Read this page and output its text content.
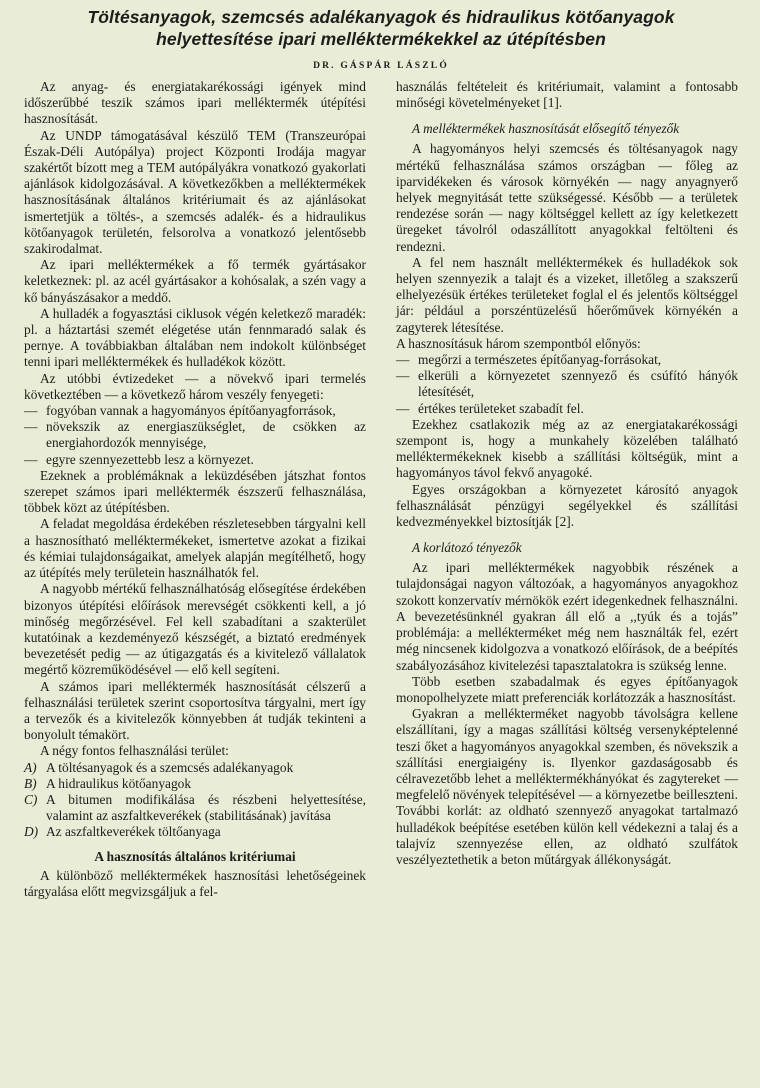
Töltésanyagok, szemcsés adalékanyagok és hidraulikus kötőanyagok
helyettesítése ipari melléktermékekkel az útépítésben
DR. GÁSPÁR LÁSZLÓ

Az anyag- és energiatakarékossági igények mind időszerűbbé teszik számos ipari melléktermék útépítési hasznosítását.

Az UNDP támogatásával készülő TEM (Transzeurópai Észak-Déli Autópálya) project Központi Irodája magyar szakértőt bízott meg a TEM autópályákra vonatkozó gyakorlati ajánlások kidolgozásával. A következőkben a melléktermékek hasznosításának általános kritériumait és az ajánlásokat ismertetjük a töltés-, a szemcsés adalék- és a hidraulikus kötőanyagok területén, felsorolva a vonatkozó jelentősebb szakirodalmat.

Az ipari melléktermékek a fő termék gyártásakor keletkeznek: pl. az acél gyártásakor a kohósalak, a szén vagy a kő bányászásakor a meddő.

A hulladék a fogyasztási ciklusok végén keletkező maradék: pl. a háztartási szemét elégetése után fennmaradó salak és pernye. A továbbiakban általában nem indokolt különbséget tenni ipari melléktermékek és hulladékok között.

Az utóbbi évtizedeket — a növekvő ipari termelés következtében — a következő három veszély fenyegeti:

— fogyóban vannak a hagyományos építőanyagforrások,

— növekszik az energiaszükséglet, de csökken az energiahordozók mennyisége,

— egyre szennyezettebb lesz a környezet.

Ezeknek a problémáknak a leküzdésében játszhat fontos szerepet számos ipari melléktermék észszerű felhasználása, többek közt az útépítésben.

A feladat megoldása érdekében részletesebben tárgyalni kell a hasznosítható melléktermékeket, ismertetve azokat a fizikai és kémiai tulajdonságaikat, amelyek alapján megítélhető, hogy az útépítés mely területein használhatók fel.

A nagyobb mértékű felhasználhatóság elősegítése érdekében bizonyos útépítési előírások merevségét csökkenti kell, a jó minőség megőrzésével. Fel kell szabadítani a szakterület kutatóinak a kezdeményező készségét, a biztató eredmények bevezetését pedig — az útigazgatás és a kivitelező vállalatok megértő közreműködésével — elő kell segíteni.

A számos ipari melléktermék hasznosítását célszerű a felhasználási területek szerint csoportosítva tárgyalni, mert így a tervezők és a kivitelezők könnyebben át tudják tekinteni a bonyolult témakört.

A négy fontos felhasználási terület:

A) A töltésanyagok és a szemcsés adalékanyagok

B) A hidraulikus kötőanyagok

C) A bitumen modifikálása és részbeni helyettesítése, valamint az aszfaltkeverékek (stabilitásának) javítása

D) Az aszfaltkeverékek töltőanyaga

A hasznosítás általános kritériumai

A különböző melléktermékek hasznosítási lehetőségeinek tárgyalása előtt megvizsgáljuk a fel-

használás feltételeit és kritériumait, valamint a fontosabb minőségi követelményeket [1].

A melléktermékek hasznosítását elősegítő tényezők

A hagyományos helyi szemcsés és töltésanyagok nagy mértékű felhasználása számos országban — főleg az iparvidékeken és városok környékén — nagy anyagnyerő helyek megnyitását tette szükségessé. Később — a területek rendezése során — nagy költséggel kellett az így keletkezett üregeket távolról odaszállított anyagokkal feltölteni és rendezni.

A fel nem használt melléktermékek és hulladékok sok helyen szennyezik a talajt és a vizeket, illetőleg a szakszerű elhelyezésük értékes területeket foglal el és jelentős költséggel jár: például a porszéntüzelésű hőerőművek környékén a zagyterek létesítése.

A hasznosításuk három szempontból előnyös:

— megőrzi a természetes építőanyag-forrásokat,

— elkerüli a környezetet szennyező és csúfító hányók létesítését,

— értékes területeket szabadít fel.

Ezekhez csatlakozik még az az energiatakarékossági szempont is, hogy a munkahely közelében található melléktermékeknek kisebb a szállítási költségük, mint a hagyományos távol fekvő anyagoké.

Egyes országokban a környezetet károsító anyagok felhasználását pénzügyi segélyekkel és szállítási kedvezményekkel biztosítják [2].

A korlátozó tényezők

Az ipari melléktermékek nagyobbik részének a tulajdonságai nagyon változóak, a hagyományos anyagokhoz szokott konzervatív mérnökök ezért idegenkednek felhasználni. A bevezetésünknél gyakran áll elő a ,,tyúk és a tojás” problémája: a mellékterméket még nem használták fel, ezért még nincsenek kidolgozva a vonatkozó előírások, de a beépítés szabályozásához kivitelezési tapasztalatokra is szükség lenne.

Több esetben szabadalmak és egyes építőanyagok monopolhelyzete miatt preferenciák korlátozzák a hasznosítást.

Gyakran a mellékterméket nagyobb távolságra kellene elszállítani, így a magas szállítási költség versenyképtelenné teszi őket a hagyományos anyagokkal szemben, és növekszik a szállítási energiaigény is. Ilyenkor gazdaságosabb és célravezetőbb lehet a melléktermékhányókat és zagytereket — megfelelő növények telepítésével — a környezetbe beilleszteni. További korlát: az oldható szennyező anyagokat tartalmazó hulladékok beépítése esetében külön kell védekezni a talaj és a talajvíz szennyezése ellen, az oldható szulfátok veszélyeztethetik a beton műtárgyak állékonyságát.
